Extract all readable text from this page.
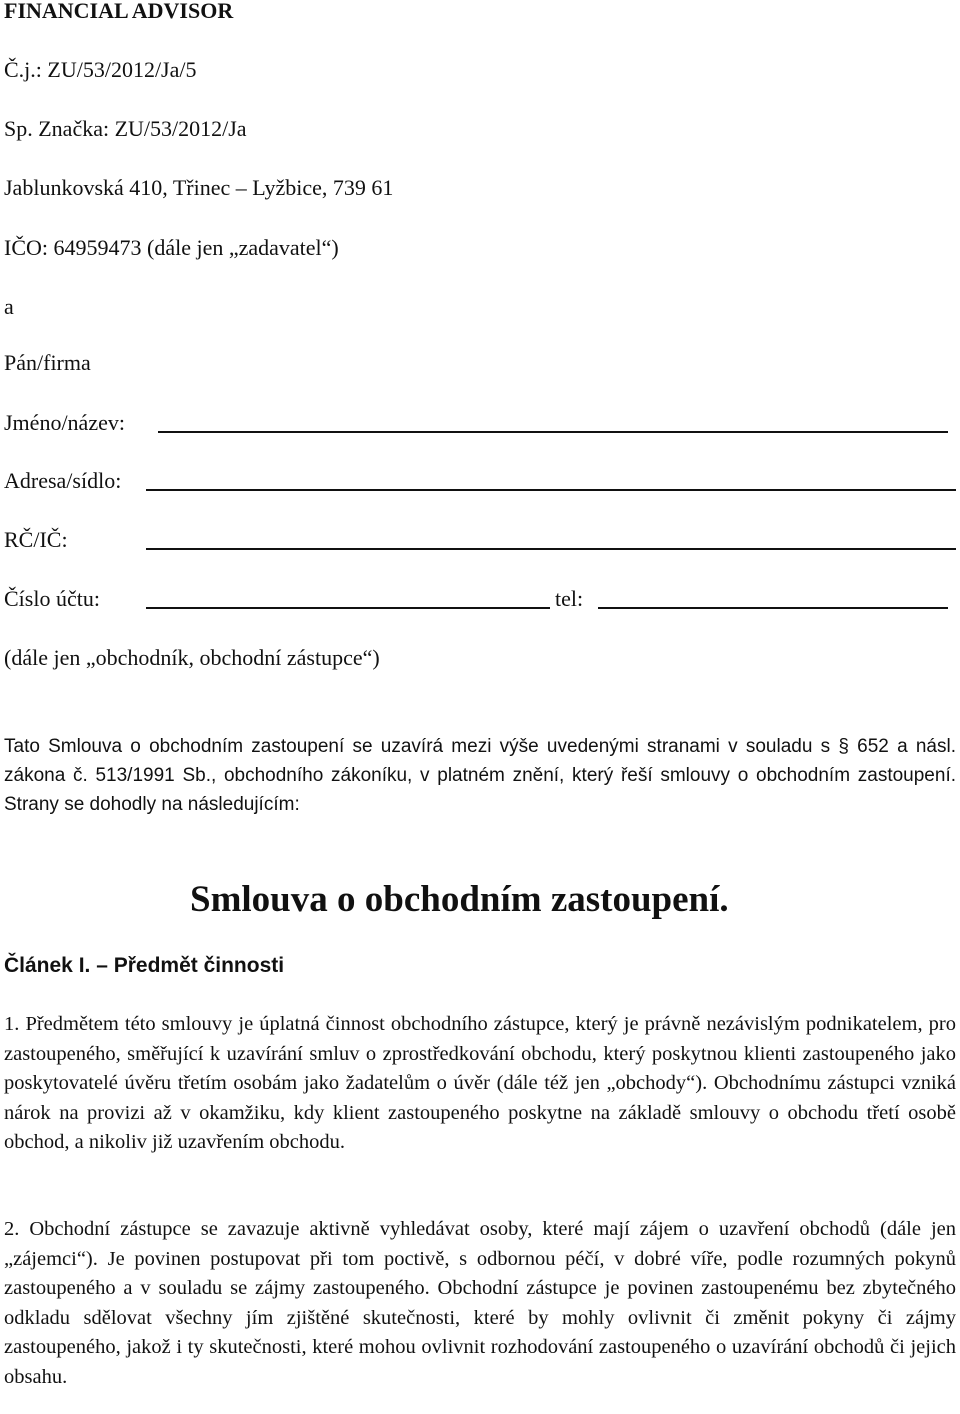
FINANCIAL ADVISOR
Č.j.: ZU/53/2012/Ja/5
Sp. Značka: ZU/53/2012/Ja
Jablunkovská 410, Třinec – Lyžbice, 739 61
IČO: 64959473 (dále jen „zadavatel“)
a
Pán/firma
Jméno/název:
Adresa/sídlo:
RČ/IČ:
Číslo účtu:	tel:
(dále jen „obchodník, obchodní zástupce“)
Tato Smlouva o obchodním zastoupení se uzavírá mezi výše uvedenými stranami v souladu s § 652 a násl. zákona č. 513/1991 Sb., obchodního zákoníku, v platném znění, který řeší smlouvy o obchodním zastoupení. Strany se dohodly na následujícím:
Smlouva o obchodním zastoupení.
Článek I. – Předmět činnosti
1. Předmětem této smlouvy je úplatná činnost obchodního zástupce, který je právně nezávislým podnikatelem, pro zastoupeného, směřující k uzavírání smluv o zprostředkování obchodu, který poskytnou klienti zastoupeného jako poskytovatelé úvěru třetím osobám jako žadatelům o úvěr (dále též jen „obchody“). Obchodnímu zástupci vzniká nárok na provizi až v okamžiku, kdy klient zastoupeného poskytne na základě smlouvy o obchodu třetí osobě obchod, a nikoliv již uzavřením obchodu.
2. Obchodní zástupce se zavazuje aktivně vyhledávat osoby, které mají zájem o uzavření obchodů (dále jen „zájemci“). Je povinen postupovat při tom poctivě, s odbornou péčí, v dobré víře, podle rozumných pokynů zastoupeného a v souladu se zájmy zastoupeného. Obchodní zástupce je povinen zastoupenému bez zbytečného odkladu sdělovat všechny jím zjištěné skutečnosti, které by mohly ovlivnit či změnit pokyny či zájmy zastoupeného, jakož i ty skutečnosti, které mohou ovlivnit rozhodování zastoupeného o uzavírání obchodů či jejich obsahu.
